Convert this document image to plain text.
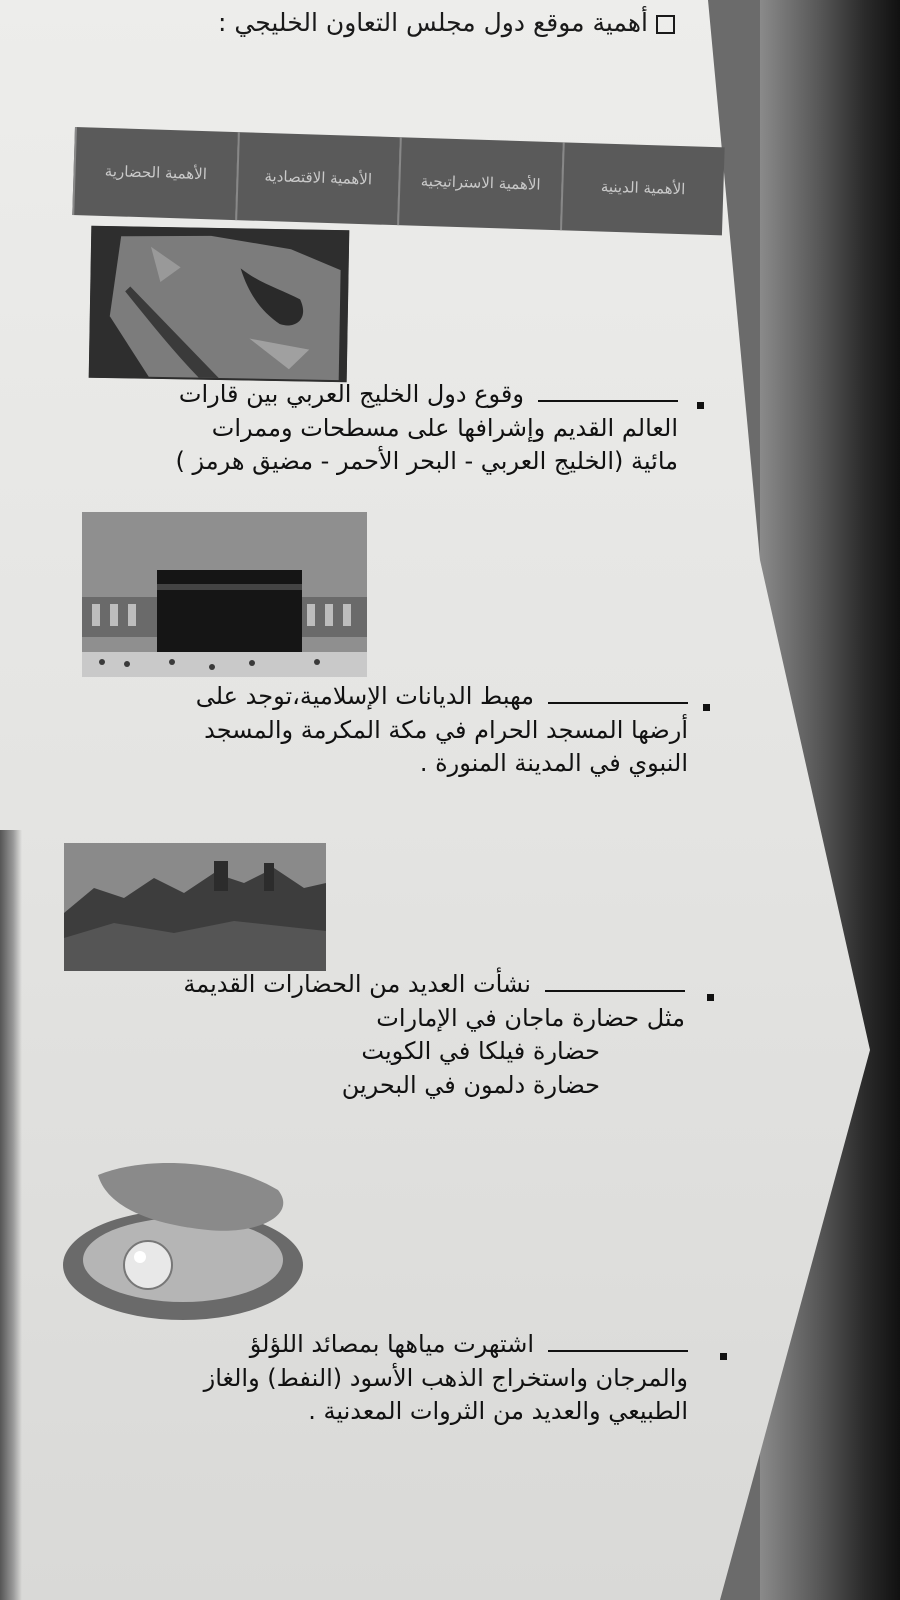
أهمية موقع دول مجلس التعاون الخليجي :
الأهمية الحضارية	الأهمية الاقتصادية	الأهمية الاستراتيجية	الأهمية الدينية
وقوع دول الخليج العربي بين قارات
العالم القديم وإشرافها على مسطحات وممرات
مائية (الخليج العربي - البحر الأحمر - مضيق هرمز )
مهبط الديانات الإسلامية،توجد على
أرضها المسجد الحرام في مكة المكرمة والمسجد
النبوي في المدينة المنورة .
نشأت العديد من الحضارات القديمة
مثل حضارة ماجان في الإمارات
حضارة فيلكا في الكويت
حضارة دلمون في البحرين
اشتهرت مياهها بمصائد اللؤلؤ
والمرجان واستخراج الذهب الأسود (النفط) والغاز
الطبيعي والعديد من الثروات المعدنية .
